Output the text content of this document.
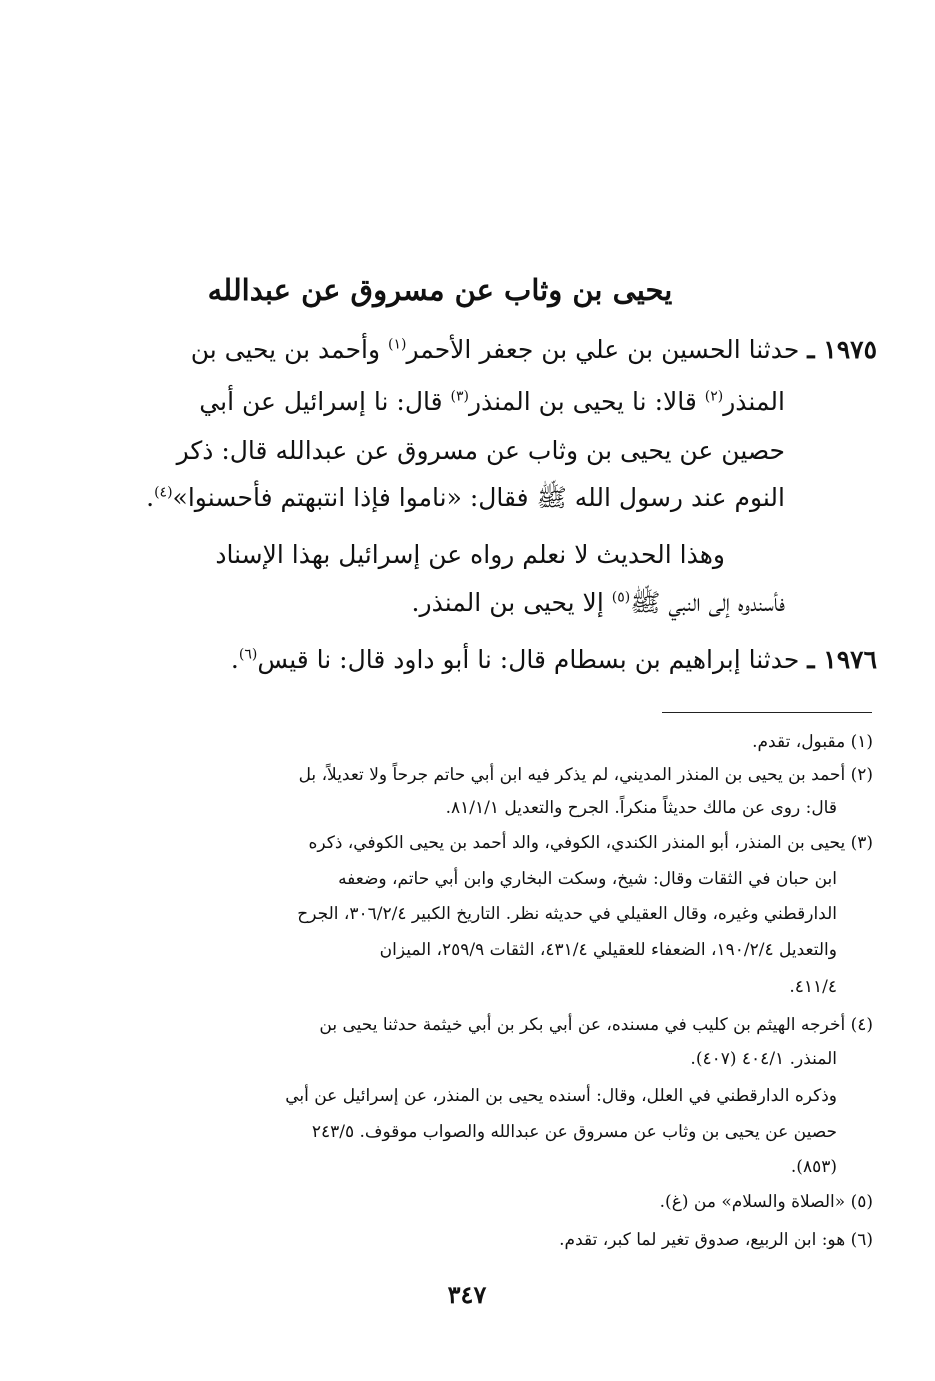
يحيى بن وثاب عن مسروق عن عبدالله
١٩٧٥ ـ حدثنا الحسين بن علي بن جعفر الأحمر$^{(١)}$ وأحمد بن يحيى بن
المنذر$^{(٢)}$ قالا: نا يحيى بن المنذر$^{(٣)}$ قال: نا إسرائيل عن أبي
حصين عن يحيى بن وثاب عن مسروق عن عبدالله قال: ذكر
النوم عند رسول الله ﷺ فقال: «ناموا فإذا انتبهتم فأحسنوا»$^{(٤)}$.
وهذا الحديث لا نعلم رواه عن إسرائيل بهذا الإسناد
فأسندوه إلى النبي ﷺ$^{(٥)}$ إلا يحيى بن المنذر.
١٩٧٦ ـ حدثنا إبراهيم بن بسطام قال: نا أبو داود قال: نا قيس$^{(٦)}$.
(١) مقبول، تقدم.
(٢) أحمد بن يحيى بن المنذر المديني، لم يذكر فيه ابن أبي حاتم جرحاً ولا تعديلاً، بل
قال: روى عن مالك حديثاً منكراً. الجرح والتعديل ٨١/١/١.
(٣) يحيى بن المنذر، أبو المنذر الكندي، الكوفي، والد أحمد بن يحيى الكوفي، ذكره
ابن حبان في الثقات وقال: شيخ، وسكت البخاري وابن أبي حاتم، وضعفه
الدارقطني وغيره، وقال العقيلي في حديثه نظر. التاريخ الكبير ٣٠٦/٢/٤، الجرح
والتعديل ١٩٠/٢/٤، الضعفاء للعقيلي ٤٣١/٤، الثقات ٢٥٩/٩، الميزان
٤١١/٤.
(٤) أخرجه الهيثم بن كليب في مسنده، عن أبي بكر بن أبي خيثمة حدثنا يحيى بن
المنذر. ٤٠٤/١ (٤٠٧).
وذكره الدارقطني في العلل، وقال: أسنده يحيى بن المنذر، عن إسرائيل عن أبي
حصين عن يحيى بن وثاب عن مسروق عن عبدالله والصواب موقوف. ٢٤٣/٥
(٨٥٣).
(٥) «الصلاة والسلام» من (غ).
(٦) هو: ابن الربيع، صدوق تغير لما كبر، تقدم.
٣٤٧
